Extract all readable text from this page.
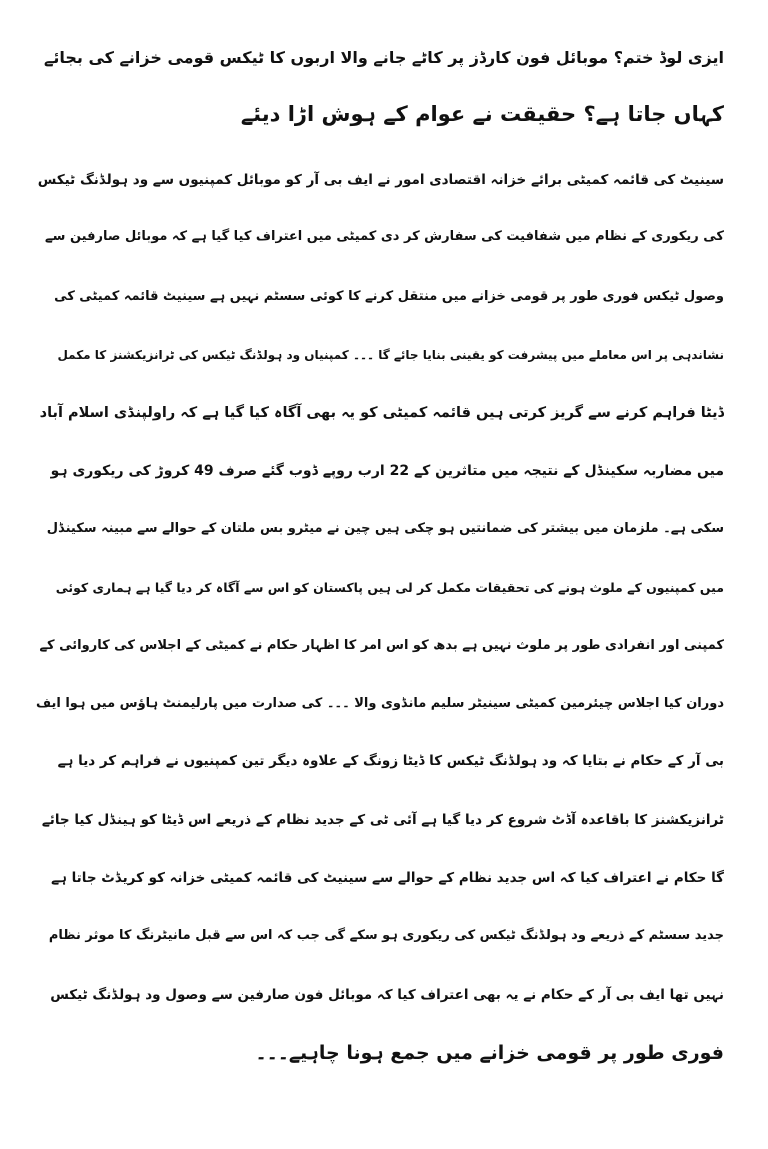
ایزی لوڈ ختم؟ موبائل فون کارڈز پر کاٹے جانے والا اربوں کا ٹیکس قومی خزانے کی بجائے
کہاں جاتا ہے؟ حقیقت نے عوام کے ہوش اڑا دیئے
سینیٹ کی قائمہ کمیٹی برائے خزانہ اقتصادی امور نے ایف بی آر کو موبائل کمپنیوں سے ود ہولڈنگ ٹیکس
کی ریکوری کے نظام میں شفافیت کی سفارش کر دی کمیٹی میں اعتراف کیا گیا ہے کہ موبائل صارفین سے
وصول ٹیکس فوری طور پر قومی خزانے میں منتقل کرنے کا کوئی سسٹم نہیں ہے سینیٹ قائمہ کمیٹی کی
نشاندہی پر اس معاملے میں پیشرفت کو یقینی بنایا جائے گا ۔۔۔ کمپنیاں ود ہولڈنگ ٹیکس کی ٹرانزیکشنز کا مکمل
ڈیٹا فراہم کرنے سے گریز کرتی ہیں قائمہ کمیٹی کو یہ بھی آگاہ کیا گیا ہے کہ راولپنڈی اسلام آباد
میں مضاربہ سکینڈل کے نتیجہ میں متاثرین کے 22 ارب روپے ڈوب گئے صرف 49 کروڑ کی ریکوری ہو
سکی ہے۔ ملزمان میں بیشتر کی ضمانتیں ہو چکی ہیں چین نے میٹرو بس ملتان کے حوالے سے مبینہ سکینڈل
میں کمپنیوں کے ملوث ہونے کی تحقیقات مکمل کر لی ہیں پاکستان کو اس سے آگاہ کر دیا گیا ہے ہماری کوئی
کمپنی اور انفرادی طور پر ملوث نہیں ہے بدھ کو اس امر کا اظہار حکام نے کمیٹی کے اجلاس کی کاروائی کے
دوران کیا اجلاس چیئرمین کمیٹی سینیٹر سلیم مانڈوی والا ۔۔۔ کی صدارت میں پارلیمنٹ ہاؤس میں ہوا ایف
بی آر کے حکام نے بتایا کہ ود ہولڈنگ ٹیکس کا ڈیٹا زونگ کے علاوہ دیگر تین کمپنیوں نے فراہم کر دیا ہے
ٹرانزیکشنز کا باقاعدہ آڈٹ شروع کر دیا گیا ہے آئی ٹی کے جدید نظام کے ذریعے اس ڈیٹا کو ہینڈل کیا جائے
گا حکام نے اعتراف کیا کہ اس جدید نظام کے حوالے سے سینیٹ کی قائمہ کمیٹی خزانہ کو کریڈٹ جاتا ہے
جدید سسٹم کے ذریعے ود ہولڈنگ ٹیکس کی ریکوری ہو سکے گی جب کہ اس سے قبل مانیٹرنگ کا موثر نظام
نہیں تھا ایف بی آر کے حکام نے یہ بھی اعتراف کیا کہ موبائل فون صارفین سے وصول ود ہولڈنگ ٹیکس
فوری طور پر قومی خزانے میں جمع ہونا چاہیے۔۔۔
